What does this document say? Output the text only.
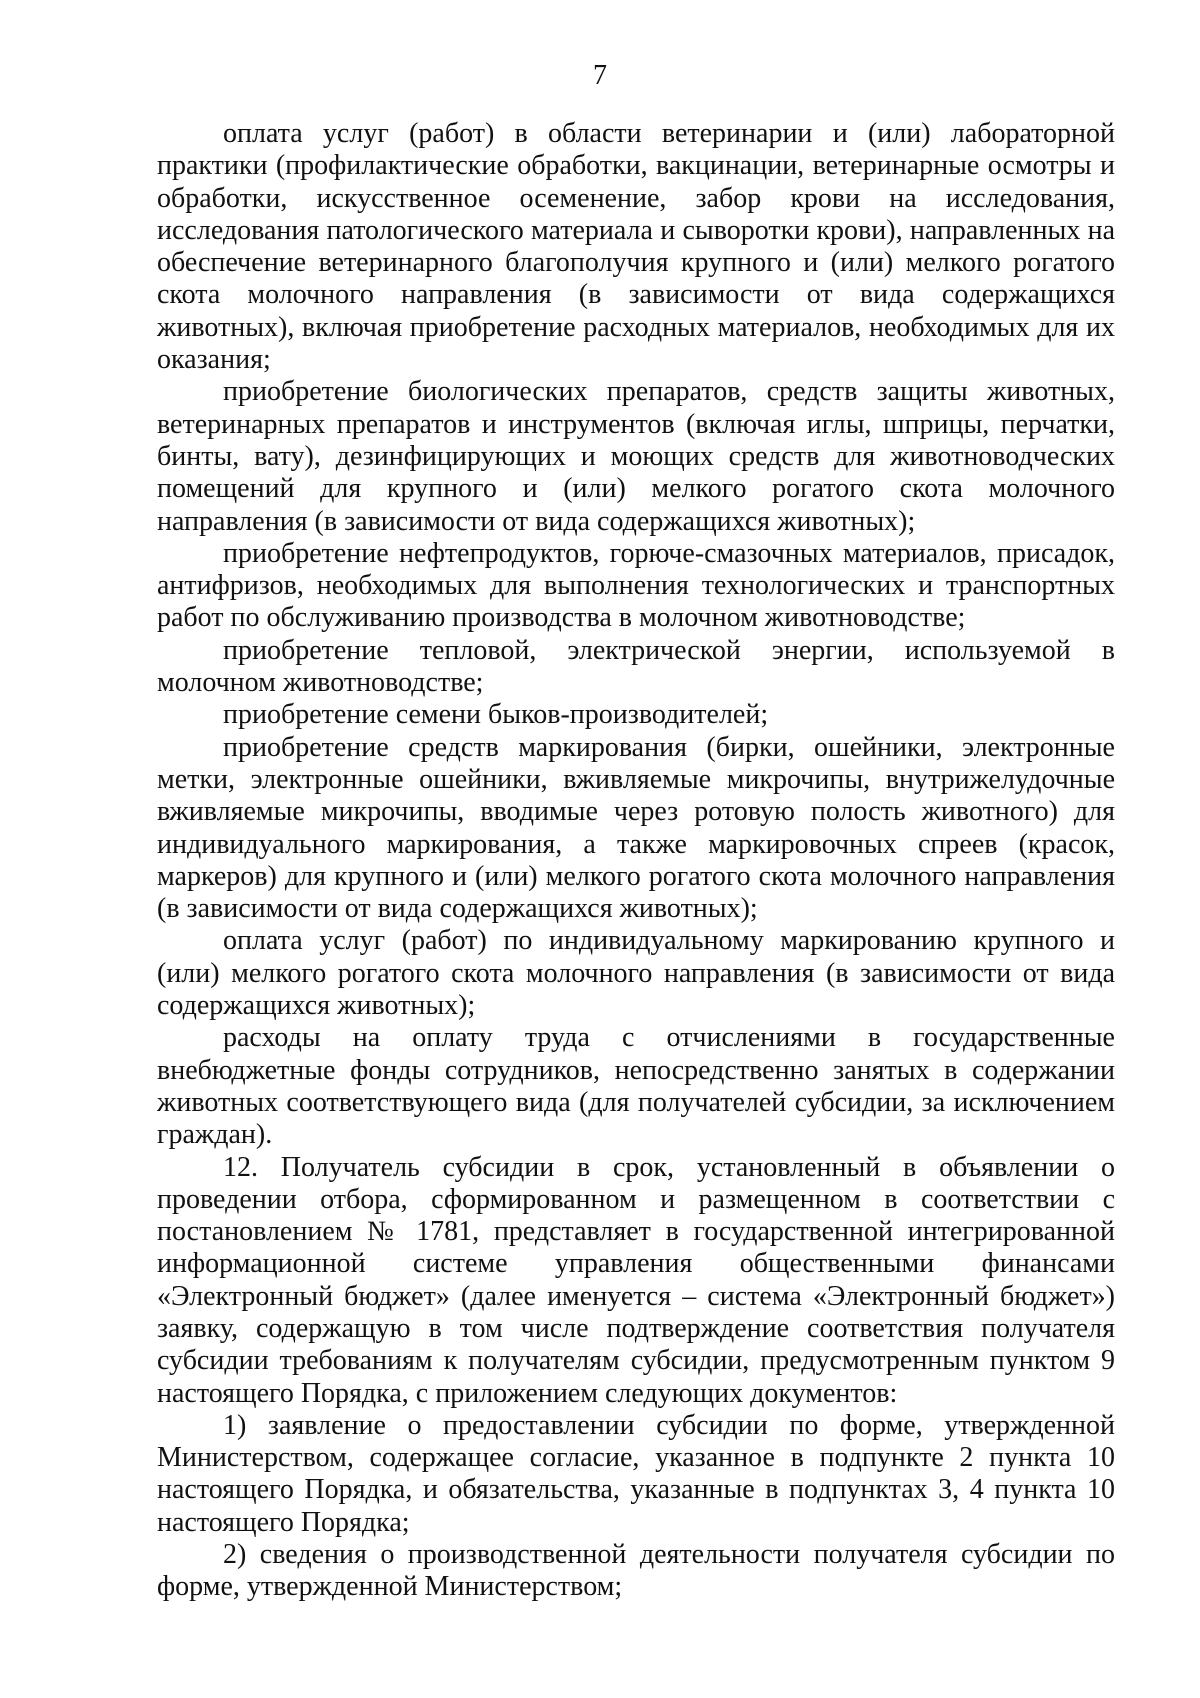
7

оплата услуг (работ) в области ветеринарии и (или) лабораторной практики (профилактические обработки, вакцинации, ветеринарные осмотры и обработки, искусственное осеменение, забор крови на исследования, исследования патологического материала и сыворотки крови), направленных на обеспечение ветеринарного благополучия крупного и (или) мелкого рогатого скота молочного направления (в зависимости от вида содержащихся животных), включая приобретение расходных материалов, необходимых для их оказания;

приобретение биологических препаратов, средств защиты животных, ветеринарных препаратов и инструментов (включая иглы, шприцы, перчатки, бинты, вату), дезинфицирующих и моющих средств для животноводческих помещений для крупного и (или) мелкого рогатого скота молочного направления (в зависимости от вида содержащихся животных);

приобретение нефтепродуктов, горюче-смазочных материалов, присадок, антифризов, необходимых для выполнения технологических и транспортных работ по обслуживанию производства в молочном животноводстве;

приобретение тепловой, электрической энергии, используемой в молочном животноводстве;

приобретение семени быков-производителей;

приобретение средств маркирования (бирки, ошейники, электронные метки, электронные ошейники, вживляемые микрочипы, внутрижелудочные вживляемые микрочипы, вводимые через ротовую полость животного) для индивидуального маркирования, а также маркировочных спреев (красок, маркеров) для крупного и (или) мелкого рогатого скота молочного направления (в зависимости от вида содержащихся животных);

оплата услуг (работ) по индивидуальному маркированию крупного и (или) мелкого рогатого скота молочного направления (в зависимости от вида содержащихся животных);

расходы на оплату труда с отчислениями в государственные внебюджетные фонды сотрудников, непосредственно занятых в содержании животных соответствующего вида (для получателей субсидии, за исключением граждан).

12. Получатель субсидии в срок, установленный в объявлении о проведении отбора, сформированном и размещенном в соответствии с постановлением № 1781, представляет в государственной интегрированной информационной системе управления общественными финансами «Электронный бюджет» (далее именуется – система «Электронный бюджет») заявку, содержащую в том числе подтверждение соответствия получателя субсидии требованиям к получателям субсидии, предусмотренным пунктом 9 настоящего Порядка, с приложением следующих документов:

1) заявление о предоставлении субсидии по форме, утвержденной Министерством, содержащее согласие, указанное в подпункте 2 пункта 10 настоящего Порядка, и обязательства, указанные в подпунктах 3, 4 пункта 10 настоящего Порядка;

2) сведения о производственной деятельности получателя субсидии по форме, утвержденной Министерством;
